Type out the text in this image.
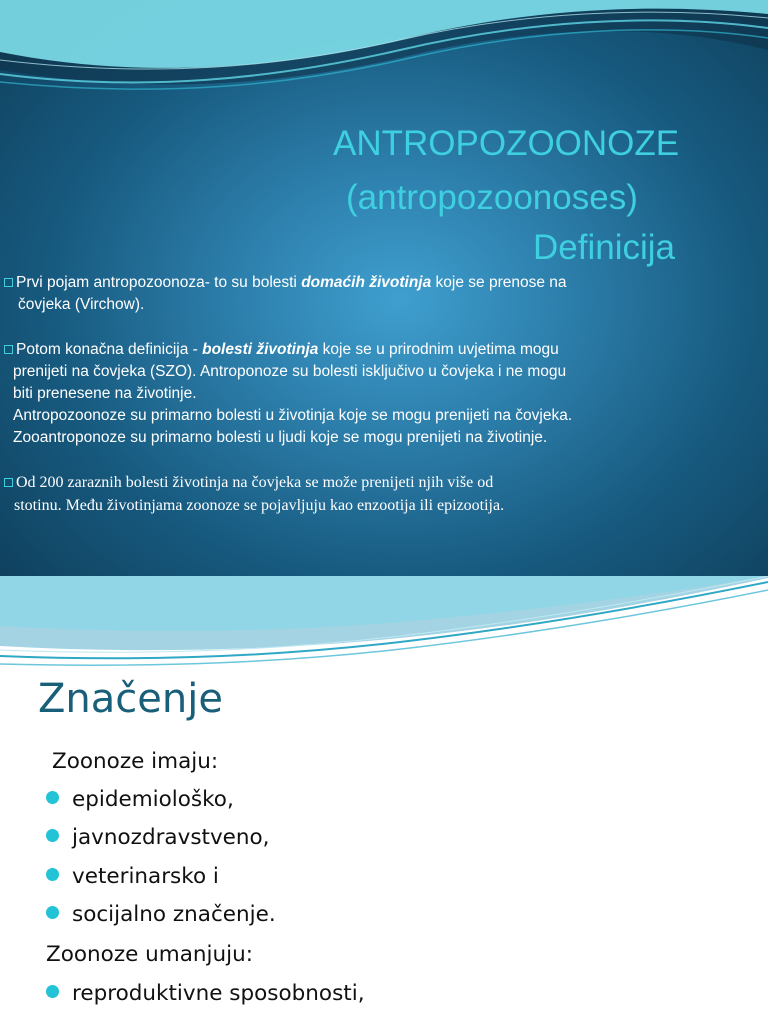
ANTROPOZOONOZE
(antropozoonoses)
Definicija

Prvi pojam antropozoonoza- to su bolesti domaćih životinja koje se prenose na

čovjeka (Virchow).

Potom konačna definicija - bolesti životinja koje se u prirodnim uvjetima mogu

prenijeti na čovjeka (SZO). Antroponoze su bolesti isključivo u čovjeka i ne mogu

biti prenesene na životinje.

Antropozoonoze su primarno bolesti u životinja koje se mogu prenijeti na čovjeka.

Zooantroponoze su primarno bolesti u ljudi koje se mogu prenijeti na životinje.

Od 200 zaraznih bolesti životinja na čovjeka se može prenijeti njih više od

stotinu. Među životinjama zoonoze se pojavljuju kao enzootija ili epizootija.

Značenje

Zoonoze imaju:

epidemiološko,
javnozdravstveno,
veterinarsko i
socijalno značenje.

Zoonoze umanjuju:

reproduktivne sposobnosti,
